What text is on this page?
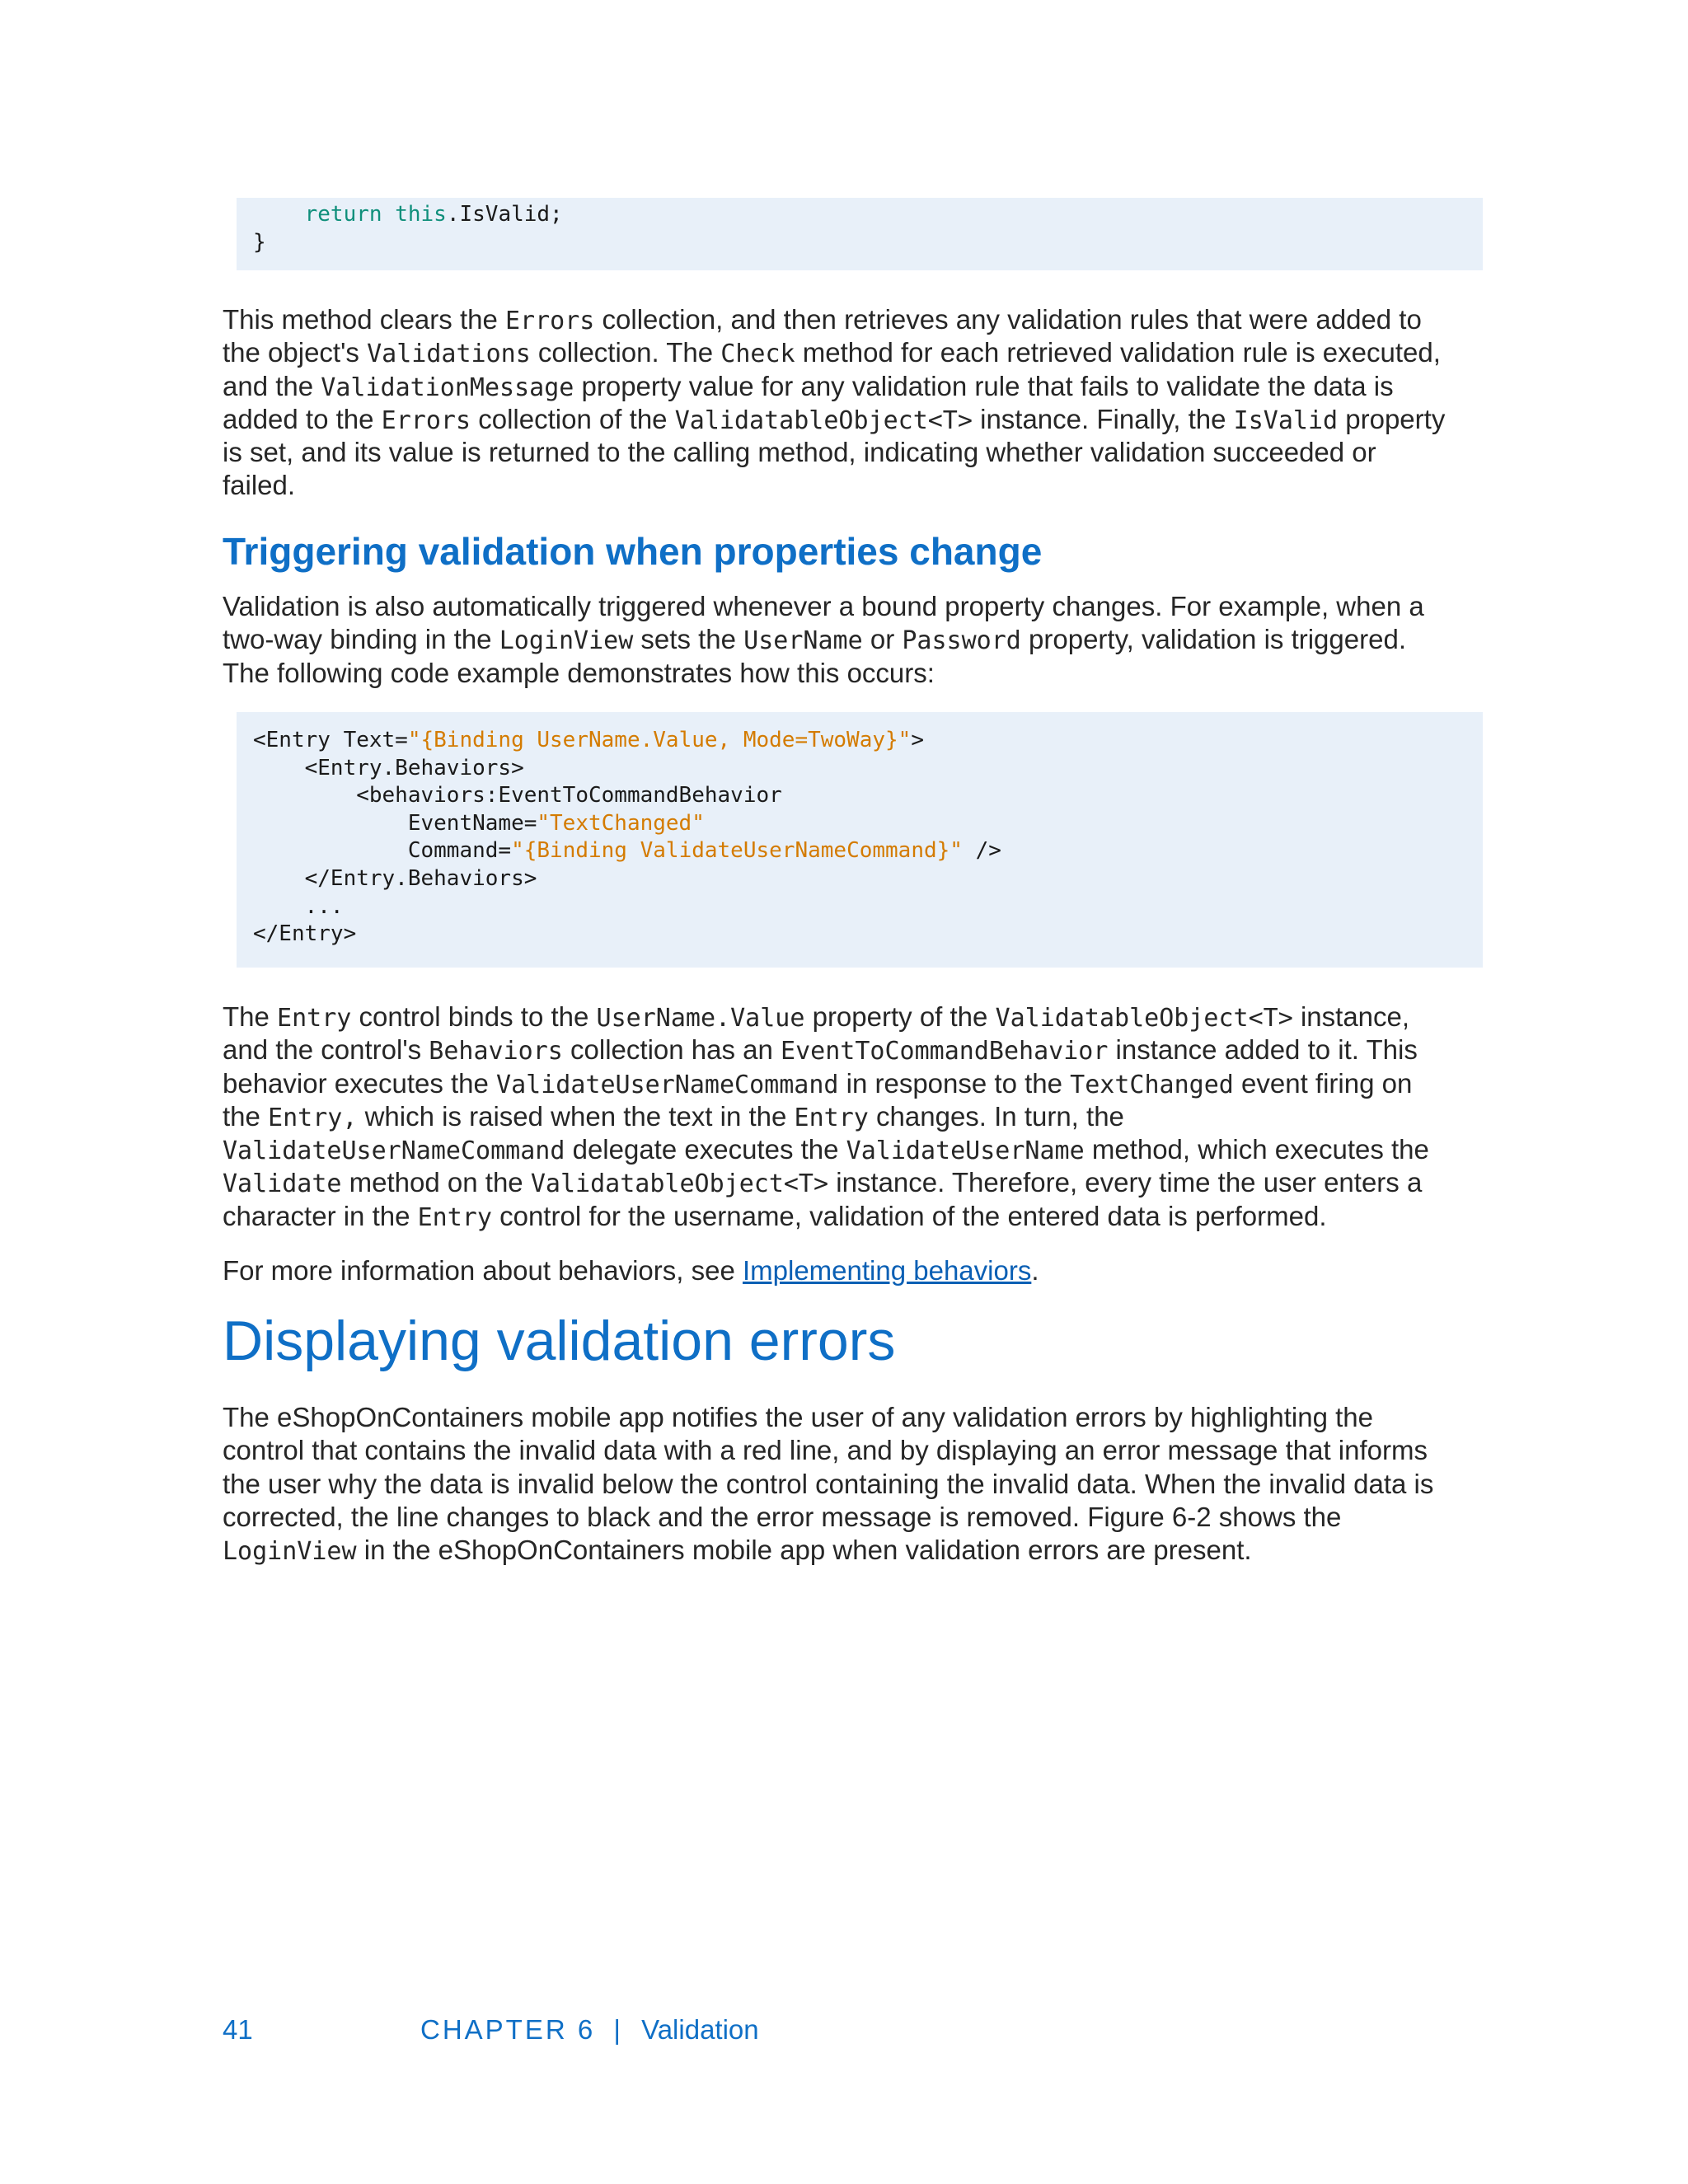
return this.IsValid;
}
This method clears the Errors collection, and then retrieves any validation rules that were added to
the object's Validations collection. The Check method for each retrieved validation rule is executed,
and the ValidationMessage property value for any validation rule that fails to validate the data is
added to the Errors collection of the ValidatableObject<T> instance. Finally, the IsValid property
is set, and its value is returned to the calling method, indicating whether validation succeeded or
failed.
Triggering validation when properties change
Validation is also automatically triggered whenever a bound property changes. For example, when a
two-way binding in the LoginView sets the UserName or Password property, validation is triggered.
The following code example demonstrates how this occurs:
<Entry Text="{Binding UserName.Value, Mode=TwoWay}">
<Entry.Behaviors>
<behaviors:EventToCommandBehavior
EventName="TextChanged"
Command="{Binding ValidateUserNameCommand}" />
</Entry.Behaviors>
...
</Entry>
The Entry control binds to the UserName.Value property of the ValidatableObject<T> instance,
and the control's Behaviors collection has an EventToCommandBehavior instance added to it. This
behavior executes the ValidateUserNameCommand in response to the TextChanged event firing on
the Entry, which is raised when the text in the Entry changes. In turn, the
ValidateUserNameCommand delegate executes the ValidateUserName method, which executes the
Validate method on the ValidatableObject<T> instance. Therefore, every time the user enters a
character in the Entry control for the username, validation of the entered data is performed.
For more information about behaviors, see Implementing behaviors.
Displaying validation errors
The eShopOnContainers mobile app notifies the user of any validation errors by highlighting the
control that contains the invalid data with a red line, and by displaying an error message that informs
the user why the data is invalid below the control containing the invalid data. When the invalid data is
corrected, the line changes to black and the error message is removed. Figure 6-2 shows the
LoginView in the eShopOnContainers mobile app when validation errors are present.
41	CHAPTER 6 | Validation
